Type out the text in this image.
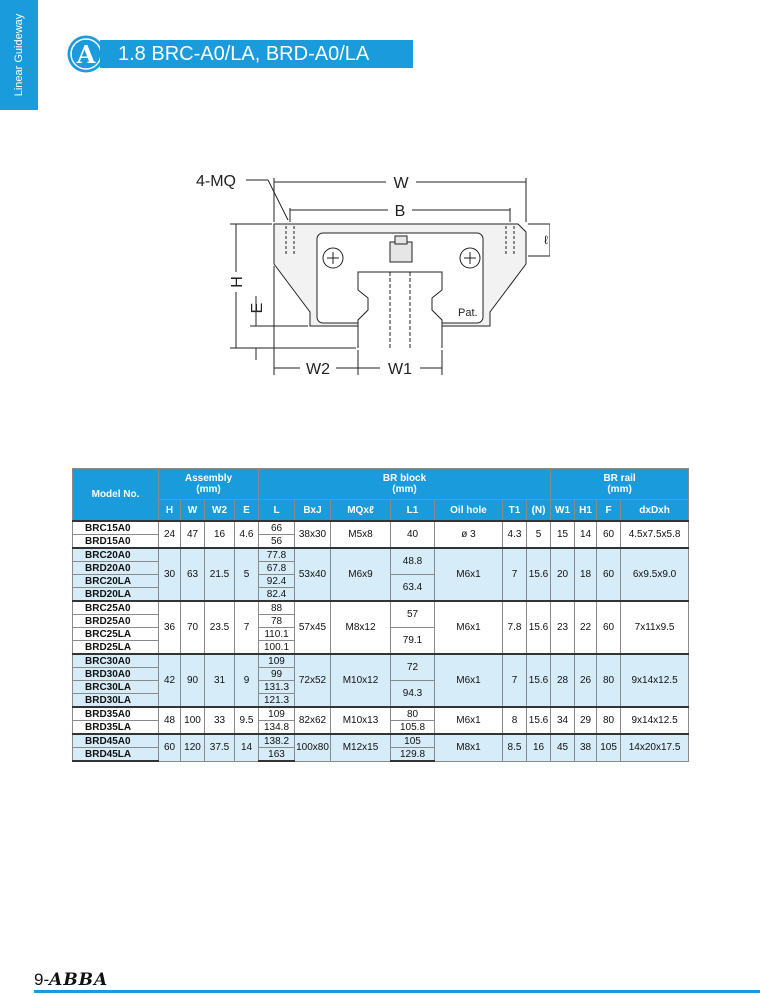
Linear Guideway A	1.8 BRC-A0/LA, BRD-A0/LA
4-MQ	W
B
H
E
W2	W1
ℓ
Pat.
Model No.	Assembly
(mm)				BR block
(mm)							BR rail
(mm)			
	H	W	W2	E	L	BxJ	MQxℓ	L1	Oil hole	T1	(N)	W1	H1	F	dxDxh
BRC15A0	24	47	16	4.6	66	38x30	M5x8	40	ø 3	4.3	5	15	14	60	4.5x7.5x5.8
BRD15A0					56										
BRC20A0	30	63	21.5	5	77.8	53x40	M6x9	48.8	M6x1	7	15.6	20	18	60	6x9.5x9.0
BRD20A0					67.8										
BRC20LA					92.4			63.4							
BRD20LA					82.4										
BRC25A0	36	70	23.5	7	88	57x45	M8x12	57	M6x1	7.8	15.6	23	22	60	7x11x9.5
BRD25A0					78										
BRC25LA					110.1			79.1							
BRD25LA					100.1										
BRC30A0	42	90	31	9	109	72x52	M10x12	72	M6x1	7	15.6	28	26	80	9x14x12.5
BRD30A0					99										
BRC30LA					131.3			94.3							
BRD30LA					121.3										
BRD35A0	48	100	33	9.5	109	82x62	M10x13	80	M6x1	8	15.6	34	29	80	9x14x12.5
BRD35LA					134.8			105.8							
BRD45A0	60	120	37.5	14	138.2	100x80	M12x15	105	M8x1	8.5	16	45	38	105	14x20x17.5
BRD45LA					163			129.8							
9-ABBA
